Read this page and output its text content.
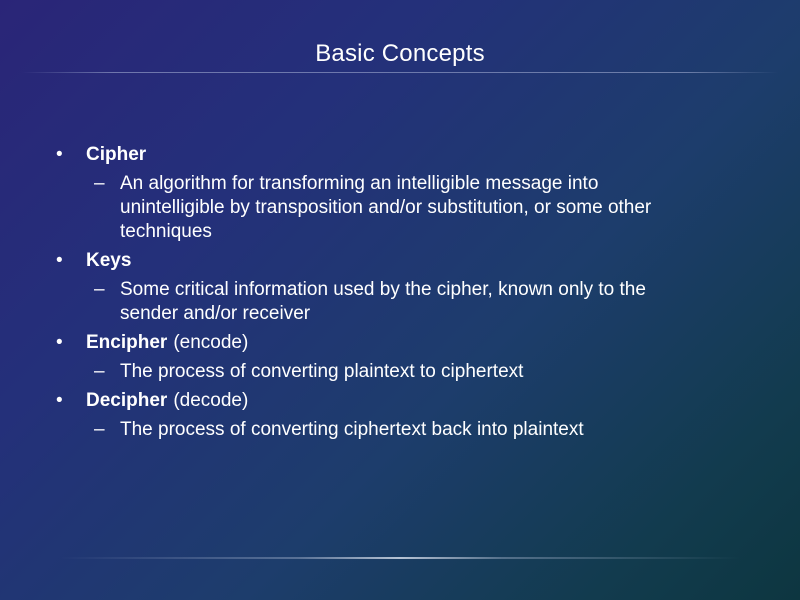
Basic Concepts
•	Cipher
– An algorithm for transforming an intelligible message into unintelligible by transposition and/or substitution, or some other techniques
•	Keys
– Some critical information used by the cipher, known only to the sender and/or receiver
•	Encipher (encode)
– The process of converting plaintext to ciphertext
•	Decipher (decode)
– The process of converting ciphertext back into plaintext
